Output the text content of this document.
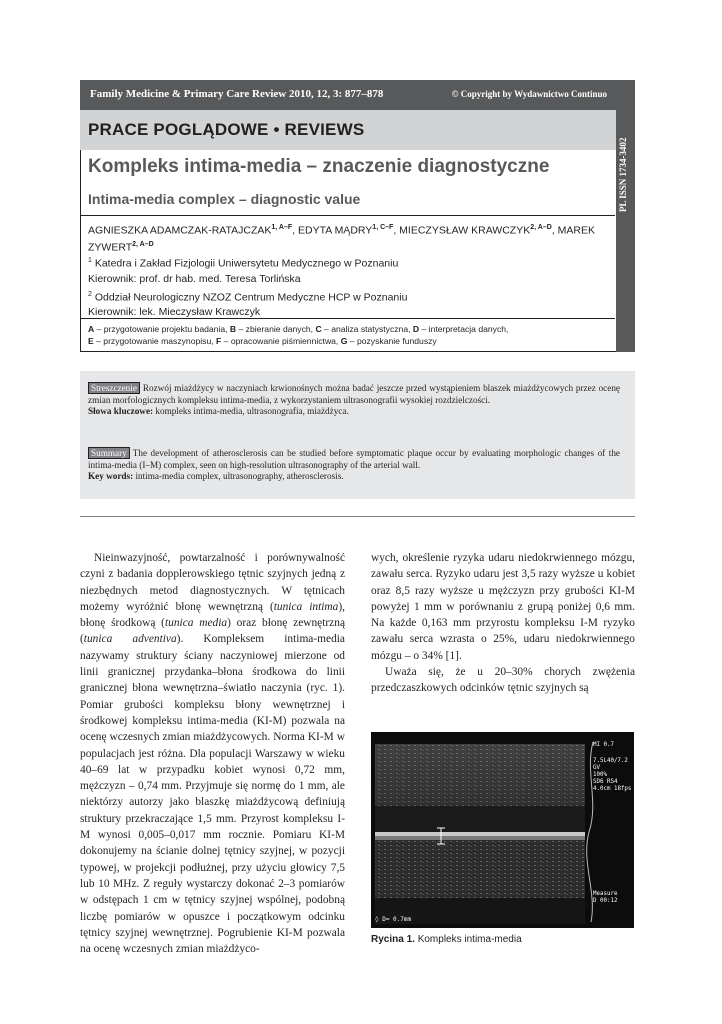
Family Medicine & Primary Care Review 2010, 12, 3: 877–878	© Copyright by Wydawnictwo Continuo
PL ISSN 1734-3402
PRACE POGLĄDOWE • REVIEWS
Kompleks intima-media – znaczenie diagnostyczne
Intima-media complex – diagnostic value
AGNIESZKA ADAMCZAK-$RATAJCZAK^{1, A-F}$, EDYTA $MĄDRY^{1, C-F}$, MIECZYSŁAW $KRAWCZYK^{2, A-D}$, MAREK $ZYWERT^{2, A-D}$
$^1$ Katedra i Zakład Fizjologii Uniwersytetu Medycznego w Poznaniu
Kierownik: prof. dr hab. med. Teresa Torlińska
$^2$ Oddział Neurologiczny NZOZ Centrum Medyczne HCP w Poznaniu
Kierownik: lek. Mieczysław Krawczyk
A – przygotowanie projektu badania, B – zbieranie danych, C – analiza statystyczna, D – interpretacja danych,
E – przygotowanie maszynopisu, F – opracowanie piśmiennictwa, G – pozyskanie funduszy
Streszczenie Rozwój miażdżycy w naczyniach krwionośnych można badać jeszcze przed wystąpieniem blaszek miażdżycowych przez ocenę zmian morfologicznych kompleksu intima-media, z wykorzystaniem ultrasonografii wysokiej rozdzielczości.
Słowa kluczowe: kompleks intima-media, ultrasonografia, miażdżyca.
Summary The development of atherosclerosis can be studied before symptomatic plaque occur by evaluating morphologic changes of the intima-media (I–M) complex, seen on high-resolution ultrasonography of the arterial wall.
Key words: intima-media complex, ultrasonography, atherosclerosis.

Nieinwazyjność, powtarzalność i porównywalność czyni z badania dopplerowskiego tętnic szyjnych jedną z niezbędnych metod diagnostycznych. W tętnicach możemy wyróżnić błonę wewnętrzną (tunica intima), błonę środkową (tunica media) oraz błonę zewnętrzną (tunica adventiva). Kompleksem intima-media nazywamy struktury ściany naczyniowej mierzone od linii granicznej przydanka–błona środkowa do linii granicznej błona wewnętrzna–światło naczynia (ryc. 1). Pomiar grubości kompleksu błony wewnętrznej i środkowej kompleksu intima-media (KI-M) pozwala na ocenę wczesnych zmian miażdżycowych. Norma KI-M w populacjach jest różna. Dla populacji Warszawy w wieku 40–69 lat w przypadku kobiet wynosi 0,72 mm, mężczyzn – 0,74 mm. Przyjmuje się normę do 1 mm, ale niektórzy autorzy jako blaszkę miażdżycową definiują struktury przekraczające 1,5 mm. Przyrost kompleksu I-M wynosi 0,005–0,017 mm rocznie. Pomiaru KI-M dokonujemy na ścianie dolnej tętnicy szyjnej, w pozycji typowej, w projekcji podłużnej, przy użyciu głowicy 7,5 lub 10 MHz. Z reguły wystarczy dokonać 2–3 pomiarów w odstępach 1 cm w tętnicy szyjnej wspólnej, podobną liczbę pomiarów w opuszce i początkowym odcinku tętnicy szyjnej wewnętrznej. Pogrubienie KI-M pozwala na ocenę wczesnych zmian miażdżyco-

wych, określenie ryzyka udaru niedokrwiennego mózgu, zawału serca. Ryzyko udaru jest 3,5 razy wyższe u kobiet oraz 8,5 razy wyższe u mężczyzn przy grubości KI-M powyżej 1 mm w porównaniu z grupą poniżej 0,6 mm. Na każde 0,163 mm przyrostu kompleksu I-M ryzyko zawału serca wzrasta o 25%, udaru niedokrwiennego mózgu – o 34% [1].

Uważa się, że u 20–30% chorych zwężenia przedczaszkowych odcinków tętnic szyjnych są

MI 0.7
7.5L40/7.2
GV
100%
SD6 RS4
4.0cm 18fps
Measure
D 00:12
◊ D= 0.7mm
Rycina 1. Kompleks intima-media
